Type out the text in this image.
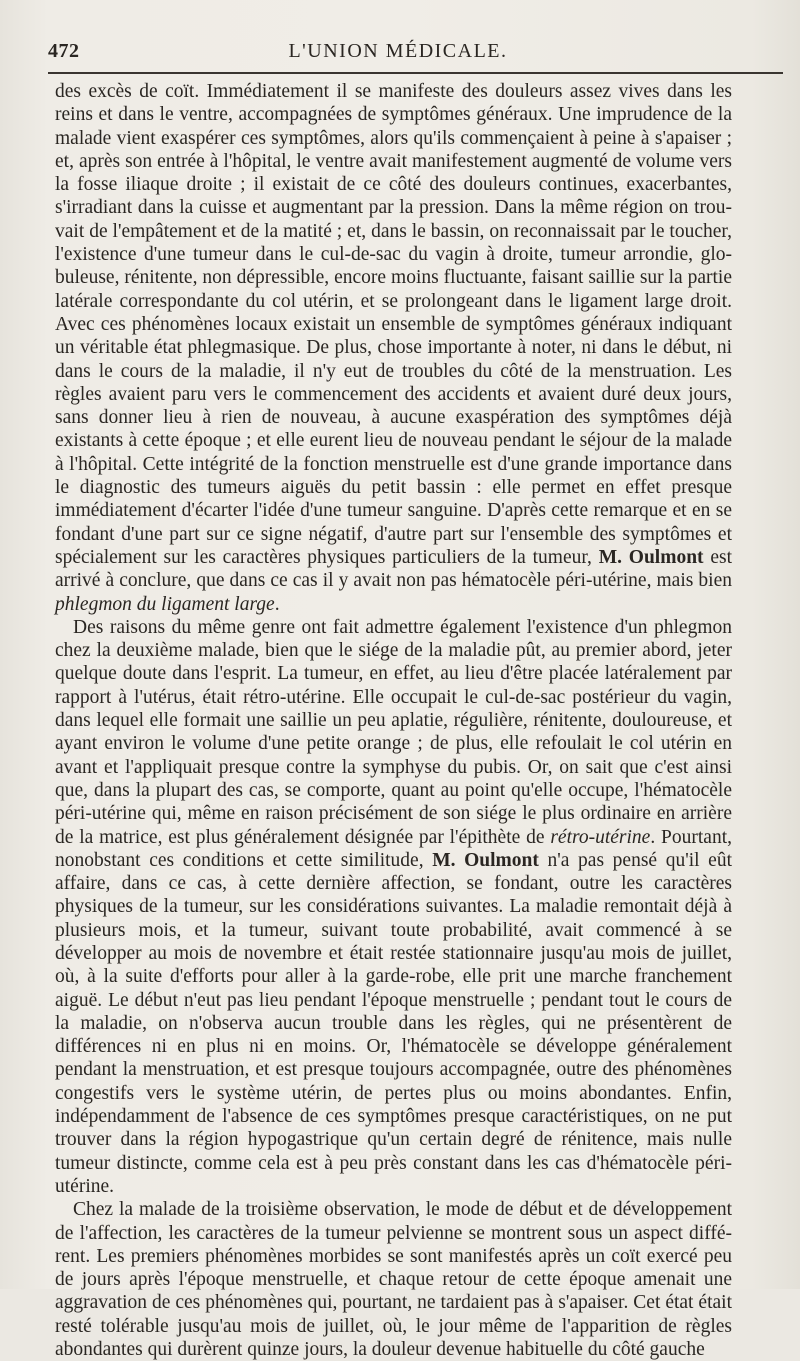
472	L'UNION MÉDICALE.

des excès de coït. Immédiatement il se manifeste des douleurs assez vives dans les reins et dans le ventre, accompagnées de symptômes généraux. Une imprudence de la malade vient exaspérer ces symptômes, alors qu'ils commençaient à peine à s'apaiser ; et, après son entrée à l'hôpital, le ventre avait manifestement augmenté de volume vers la fosse iliaque droite ; il existait de ce côté des douleurs continues, exacerbantes, s'irradiant dans la cuisse et augmentant par la pression. Dans la même région on trouvait de l'empâtement et de la matité ; et, dans le bassin, on reconnaissait par le toucher, l'existence d'une tumeur dans le cul-de-sac du vagin à droite, tumeur arrondie, globuleuse, rénitente, non dépressible, encore moins fluctuante, faisant saillie sur la partie latérale correspondante du col utérin, et se prolongeant dans le ligament large droit. Avec ces phénomènes locaux existait un ensemble de symptômes généraux indiquant un véritable état phlegmasique. De plus, chose importante à noter, ni dans le début, ni dans le cours de la maladie, il n'y eut de troubles du côté de la menstruation. Les règles avaient paru vers le commencement des accidents et avaient duré deux jours, sans donner lieu à rien de nouveau, à aucune exaspération des symptômes déjà existants à cette époque ; et elle eurent lieu de nouveau pendant le séjour de la malade à l'hôpital. Cette intégrité de la fonction menstruelle est d'une grande importance dans le diagnostic des tumeurs aiguës du petit bassin : elle permet en effet presque immédiatement d'écarter l'idée d'une tumeur sanguine. D'après cette remarque et en se fondant d'une part sur ce signe négatif, d'autre part sur l'ensemble des symptômes et spécialement sur les caractères physiques particuliers de la tumeur, M. Oulmont est arrivé à conclure, que dans ce cas il y avait non pas hématocèle péri-utérine, mais bien phlegmon du ligament large.

Des raisons du même genre ont fait admettre également l'existence d'un phlegmon chez la deuxième malade, bien que le siége de la maladie pût, au premier abord, jeter quelque doute dans l'esprit. La tumeur, en effet, au lieu d'être placée latéralement par rapport à l'utérus, était rétro-utérine. Elle occupait le cul-de-sac postérieur du vagin, dans lequel elle formait une saillie un peu aplatie, régulière, rénitente, douloureuse, et ayant environ le volume d'une petite orange ; de plus, elle refoulait le col utérin en avant et l'appliquait presque contre la symphyse du pubis. Or, on sait que c'est ainsi que, dans la plupart des cas, se comporte, quant au point qu'elle occupe, l'hématocèle péri-utérine qui, même en raison précisément de son siége le plus ordinaire en arrière de la matrice, est plus généralement désignée par l'épithète de rétro-utérine. Pourtant, nonobstant ces conditions et cette similitude, M. Oulmont n'a pas pensé qu'il eût affaire, dans ce cas, à cette dernière affection, se fondant, outre les caractères physiques de la tumeur, sur les considérations suivantes. La maladie remontait déjà à plusieurs mois, et la tumeur, suivant toute probabilité, avait commencé à se développer au mois de novembre et était restée stationnaire jusqu'au mois de juillet, où, à la suite d'efforts pour aller à la garde-robe, elle prit une marche franchement aiguë. Le début n'eut pas lieu pendant l'époque menstruelle ; pendant tout le cours de la maladie, on n'observa aucun trouble dans les règles, qui ne présentèrent de différences ni en plus ni en moins. Or, l'hématocèle se développe généralement pendant la menstruation, et est presque toujours accompagnée, outre des phénomènes congestifs vers le système utérin, de pertes plus ou moins abondantes. Enfin, indépendamment de l'absence de ces symptômes presque caractéristiques, on ne put trouver dans la région hypogastrique qu'un certain degré de rénitence, mais nulle tumeur distincte, comme cela est à peu près constant dans les cas d'hématocèle péri-utérine.

Chez la malade de la troisième observation, le mode de début et de développement de l'affection, les caractères de la tumeur pelvienne se montrent sous un aspect différent. Les premiers phénomènes morbides se sont manifestés après un coït exercé peu de jours après l'époque menstruelle, et chaque retour de cette époque amenait une aggravation de ces phénomènes qui, pourtant, ne tardaient pas à s'apaiser. Cet état était resté tolérable jusqu'au mois de juillet, où, le jour même de l'apparition de règles abondantes qui durèrent quinze jours, la douleur devenue habituelle du côté gauche
